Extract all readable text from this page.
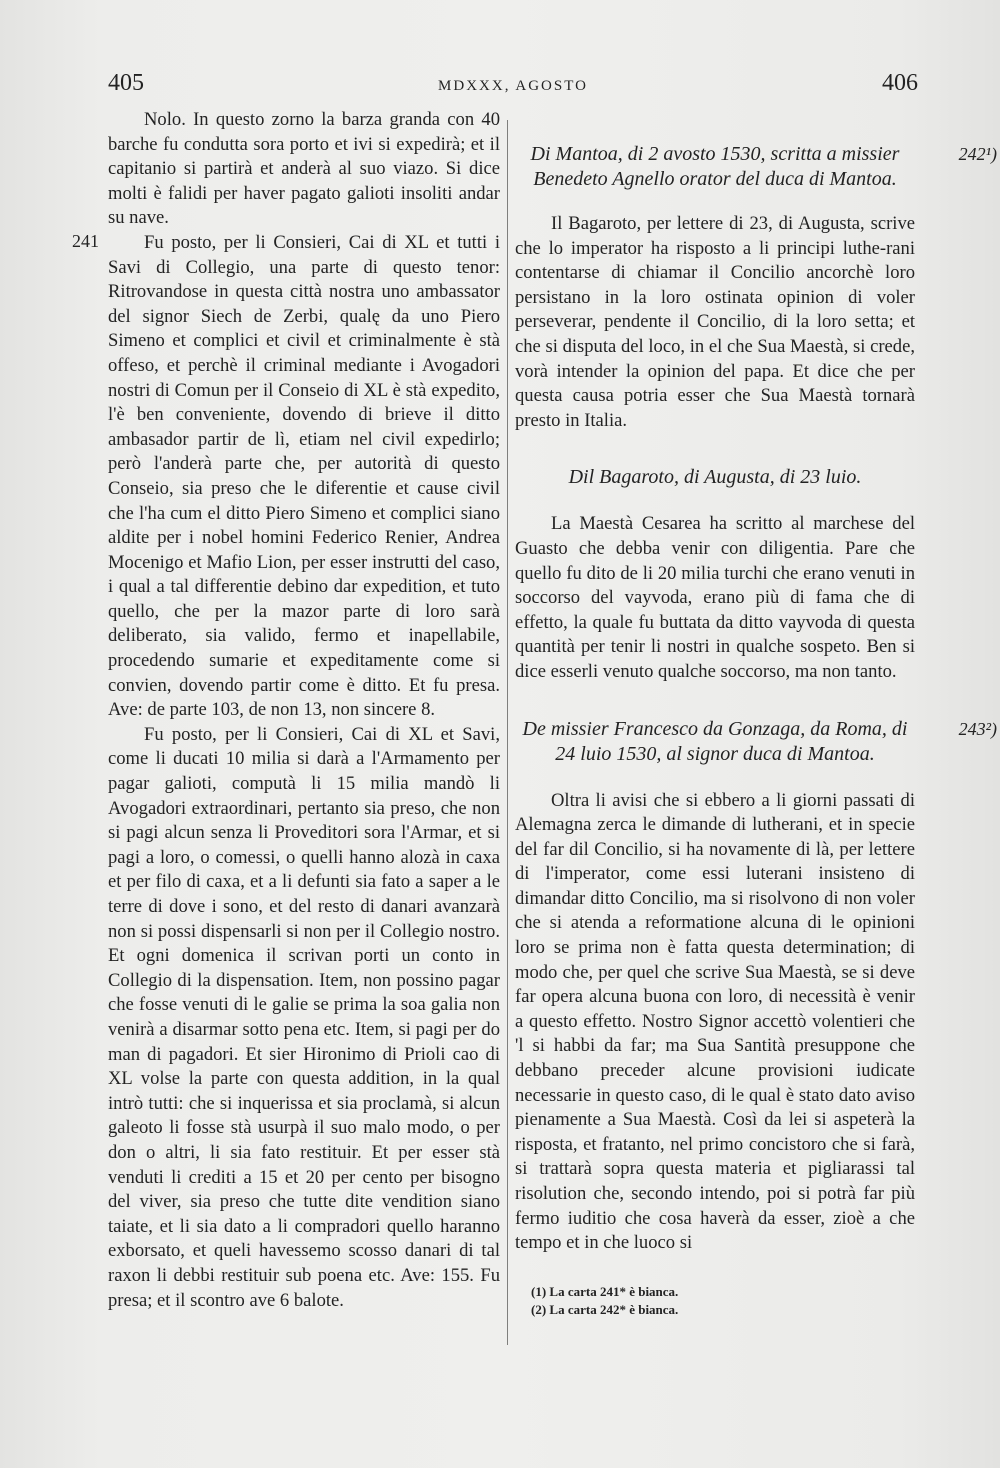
405	MDXXX, AGOSTO	406

Nolo. In questo zorno la barza granda con 40 barche fu condutta sora porto et ivi si expedirà; et il capitanio si partirà et anderà al suo viazo. Si dice molti è falidi per haver pagato galioti insoliti andar su nave.

241	Fu posto, per li Consieri, Cai di XL et tutti i Savi di Collegio, una parte di questo tenor: Ritrovandose in questa città nostra uno ambassator del signor Siech de Zerbi, qualę da uno Piero Simeno et complici et civil et criminalmente è stà offeso, et perchè il criminal mediante i Avogadori nostri di Comun per il Conseio di XL è stà expedito, l'è ben conveniente, dovendo di brieve il ditto ambasador partir de lì, etiam nel civil expedirlo; però l'anderà parte che, per autorità di questo Conseio, sia preso che le diferentie et cause civil che l'ha cum el ditto Piero Simeno et complici siano aldite per i nobel homini Federico Renier, Andrea Mocenigo et Mafio Lion, per esser instrutti del caso, i qual a tal differentie debino dar expedition, et tuto quello, che per la mazor parte di loro sarà deliberato, sia valido, fermo et inapellabile, procedendo sumarie et expeditamente come si convien, dovendo partir come è ditto. Et fu presa. Ave: de parte 103, de non 13, non sincere 8.

Fu posto, per li Consieri, Cai di XL et Savi, come li ducati 10 milia si darà a l'Armamento per pagar galioti, computà li 15 milia mandò li Avogadori extraordinari, pertanto sia preso, che non si pagi alcun senza li Proveditori sora l'Armar, et si pagi a loro, o comessi, o quelli hanno alozà in caxa et per filo di caxa, et a li defunti sia fato a saper a le terre di dove i sono, et del resto di danari avanzarà non si possi dispensarli si non per il Collegio nostro. Et ogni domenica il scrivan porti un conto in Collegio di la dispensation. Item, non possino pagar che fosse venuti di le galie se prima la soa galia non venirà a disarmar sotto pena etc. Item, si pagi per do man di pagadori. Et sier Hironimo di Prioli cao di XL volse la parte con questa addition, in la qual intrò tutti: che si inquerissa et sia proclamà, si alcun galeoto li fosse stà usurpà il suo malo modo, o per don o altri, li sia fato restituir. Et per esser stà venduti li crediti a 15 et 20 per cento per bisogno del viver, sia preso che tutte dite vendition siano taiate, et li sia dato a li compradori quello haranno exborsato, et queli havessemo scosso danari di tal raxon li debbi restituir sub poena etc. Ave: 155. Fu presa; et il scontro ave 6 balote.

Di Mantoa, di 2 avosto 1530, scritta a missier Benedeto Agnello orator del duca di Mantoa.
242¹)

Il Bagaroto, per lettere di 23, di Augusta, scrive che lo imperator ha risposto a li principi luthe-rani contentarse di chiamar il Concilio ancorchè loro persistano in la loro ostinata opinion di voler perseverar, pendente il Concilio, di la loro setta; et che si disputa del loco, in el che Sua Maestà, si crede, vorà intender la opinion del papa. Et dice che per questa causa potria esser che Sua Maestà tornarà presto in Italia.

Dil Bagaroto, di Augusta, di 23 luio.

La Maestà Cesarea ha scritto al marchese del Guasto che debba venir con diligentia. Pare che quello fu dito de li 20 milia turchi che erano venuti in soccorso del vayvoda, erano più di fama che di effetto, la quale fu buttata da ditto vayvoda di questa quantità per tenir li nostri in qualche sospeto. Ben si dice esserli venuto qualche soccorso, ma non tanto.

De missier Francesco da Gonzaga, da Roma, di 24 luio 1530, al signor duca di Mantoa.
243²)

Oltra li avisi che si ebbero a li giorni passati di Alemagna zerca le dimande di lutherani, et in specie del far dil Concilio, si ha novamente di là, per lettere di l'imperator, come essi luterani insisteno di dimandar ditto Concilio, ma si risolvono di non voler che si atenda a reformatione alcuna di le opinioni loro se prima non è fatta questa determination; di modo che, per quel che scrive Sua Maestà, se si deve far opera alcuna buona con loro, di necessità è venir a questo effetto. Nostro Signor accettò volentieri che 'l si habbi da far; ma Sua Santità presuppone che debbano preceder alcune provisioni iudicate necessarie in questo caso, di le qual è stato dato aviso pienamente a Sua Maestà. Così da lei si aspeterà la risposta, et fratanto, nel primo concistoro che si farà, si trattarà sopra questa materia et pigliarassi tal risolution che, secondo intendo, poi si potrà far più fermo iuditio che cosa haverà da esser, zioè a che tempo et in che luoco si

(1) La carta 241* è bianca.
(2) La carta 242* è bianca.
